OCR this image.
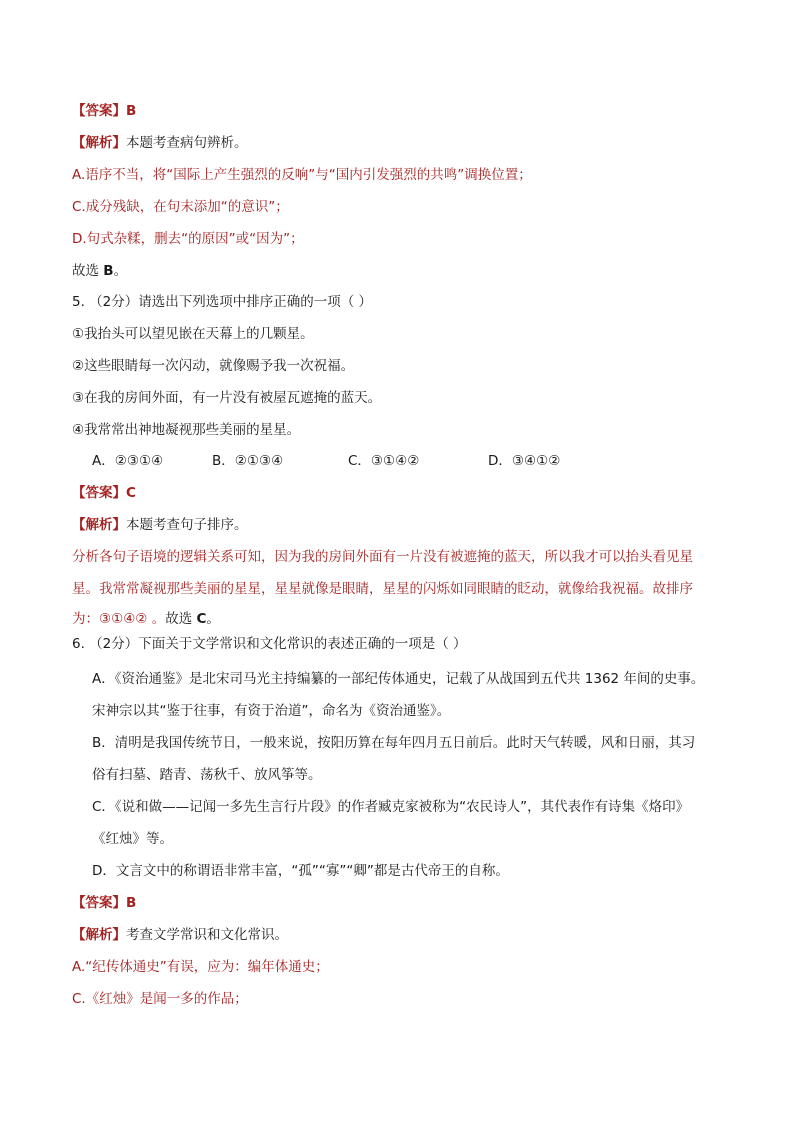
【答案】B
【解析】本题考查病句辨析。
A.语序不当，将“国际上产生强烈的反响”与“国内引发强烈的共鸣”调换位置；
C.成分残缺，在句末添加“的意识”；
D.句式杂糅，删去“的原因”或“因为”；
故选 B。
5. （2分）请选出下列选项中排序正确的一项（ ）
①我抬头可以望见嵌在天幕上的几颗星。
②这些眼睛每一次闪动，就像赐予我一次祝福。
③在我的房间外面，有一片没有被屋瓦遮掩的蓝天。
④我常常出神地凝视那些美丽的星星。
A．②③①④	B．②①③④	C．③①④②	D．③④①②
【答案】C
【解析】本题考查句子排序。
分析各句子语境的逻辑关系可知，因为我的房间外面有一片没有被遮掩的蓝天，所以我才可以抬头看见星
星。我常常凝视那些美丽的星星，星星就像是眼睛，星星的闪烁如同眼睛的眨动，就像给我祝福。故排序
为：③①④② 。故选 C。
6. （2分）下面关于文学常识和文化常识的表述正确的一项是（ ）
A．《资治通鉴》是北宋司马光主持编纂的一部纪传体通史，记载了从战国到五代共 1362 年间的史事。
宋神宗以其“鉴于往事，有资于治道”，命名为《资治通鉴》。
B．清明是我国传统节日，一般来说，按阳历算在每年四月五日前后。此时天气转暖，风和日丽，其习
俗有扫墓、踏青、荡秋千、放风筝等。
C．《说和做——记闻一多先生言行片段》的作者臧克家被称为“农民诗人”，其代表作有诗集《烙印》
《红烛》等。
D．文言文中的称谓语非常丰富，“孤”“寡”“卿”都是古代帝王的自称。
【答案】B
【解析】考查文学常识和文化常识。
A.“纪传体通史”有误，应为：编年体通史；
C.《红烛》是闻一多的作品；
